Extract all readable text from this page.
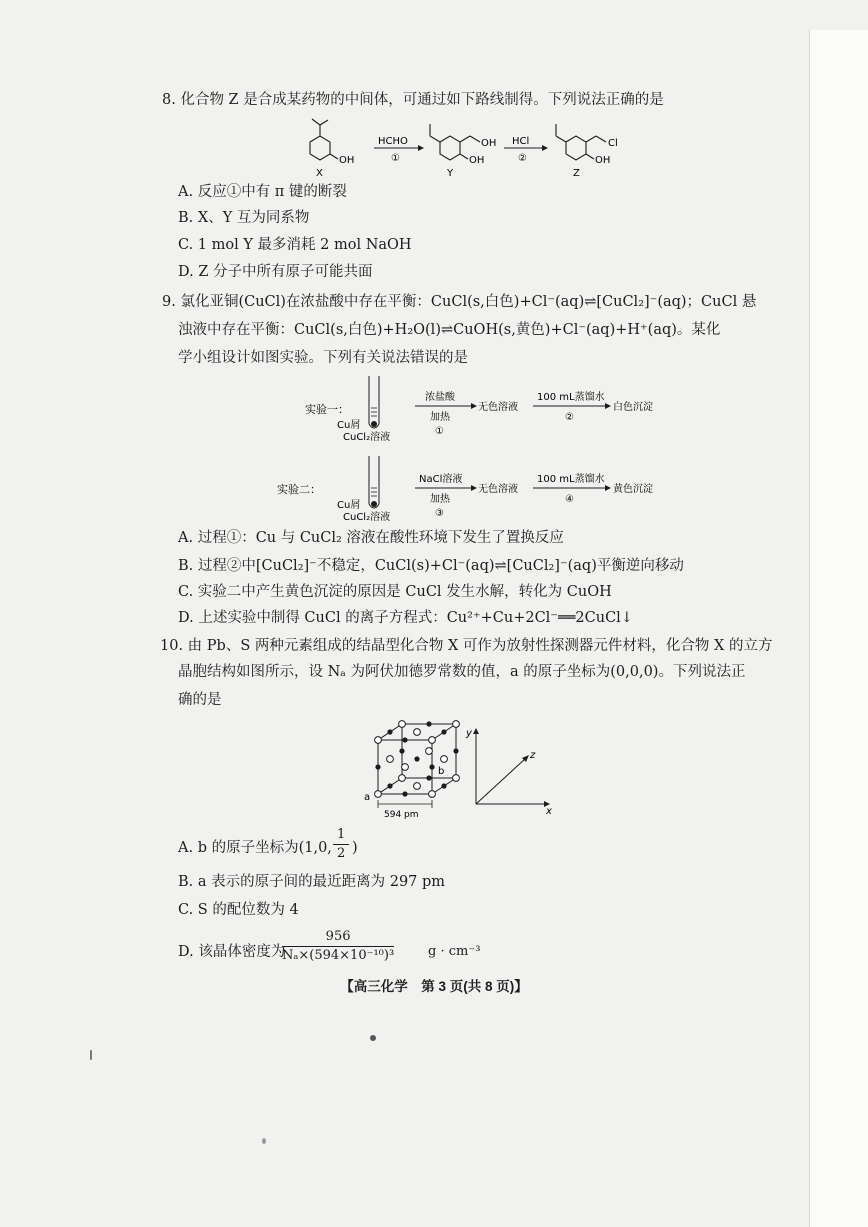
8. 化合物 Z 是合成某药物的中间体，可通过如下路线制得。下列说法正确的是
OH
X
HCHO
①
OH
OH
Y
HCl
②
Cl
OH
Z
A. 反应①中有 π 键的断裂
B. X、Y 互为同系物
C. 1 mol Y 最多消耗 2 mol NaOH
D. Z 分子中所有原子可能共面
9. 氯化亚铜(CuCl)在浓盐酸中存在平衡：CuCl(s,白色)+Cl⁻(aq)⇌[CuCl₂]⁻(aq)；CuCl 悬
浊液中存在平衡：CuCl(s,白色)+H₂O(l)⇌CuOH(s,黄色)+Cl⁻(aq)+H⁺(aq)。某化
学小组设计如图实验。下列有关说法错误的是
实验一：
Cu屑
CuCl₂溶液
浓盐酸
加热
①
无色溶液
100 mL蒸馏水
②
白色沉淀
实验二：
Cu屑
CuCl₂溶液
NaCl溶液
加热
③
无色溶液
100 mL蒸馏水
④
黄色沉淀
A. 过程①：Cu 与 CuCl₂ 溶液在酸性环境下发生了置换反应
B. 过程②中[CuCl₂]⁻不稳定，CuCl(s)+Cl⁻(aq)⇌[CuCl₂]⁻(aq)平衡逆向移动
C. 实验二中产生黄色沉淀的原因是 CuCl 发生水解，转化为 CuOH
D. 上述实验中制得 CuCl 的离子方程式：Cu²⁺+Cu+2Cl⁻══2CuCl↓
10. 由 Pb、S 两种元素组成的结晶型化合物 X 可作为放射性探测器元件材料，化合物 X 的立方
晶胞结构如图所示，设 Nₐ 为阿伏加德罗常数的值，a 的原子坐标为(0,0,0)。下列说法正
确的是
a
b
594 pm
y
x
z
A. b 的原子坐标为(1,0, $\frac{1}{2}$ )
B. a 表示的原子间的最近距离为 297 pm
C. S 的配位数为 4
D. 该晶体密度为
$\frac{956}{\text{Nₐ×(594×10⁻¹⁰)³}}$	g · cm⁻³
【高三化学　第 3 页(共 8 页)】
